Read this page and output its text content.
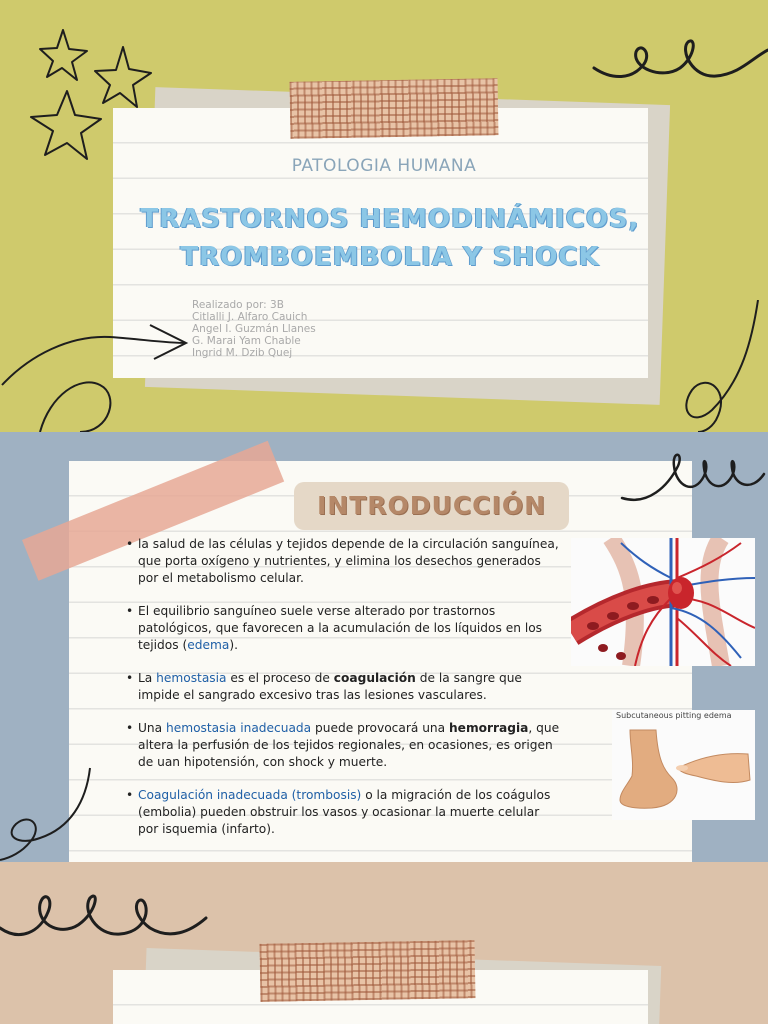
PATOLOGIA HUMANA
TRASTORNOS HEMODINÁMICOS,
TROMBOEMBOLIA Y SHOCK
Realizado por: 3B
Citlalli J. Alfaro Cauich
Angel I. Guzmán Llanes
G. Marai Yam Chable
Ingrid M. Dzib Quej
INTRODUCCIÓN
• la salud de las células y tejidos depende de la circulación sanguínea, que porta oxígeno y nutrientes, y elimina los desechos generados por el metabolismo celular.
• El equilibrio sanguíneo suele verse alterado por trastornos patológicos, que favorecen a la acumulación de los líquidos en los tejidos (edema).
• La hemostasia es el proceso de coagulación de la sangre que impide el sangrado excesivo tras las lesiones vasculares.
• Una hemostasia inadecuada puede provocará una hemorragia, que altera la perfusión de los tejidos regionales, en ocasiones, es origen de uan hipotensión, con shock y muerte.
• Coagulación inadecuada (trombosis) o la migración de los coágulos (embolia) pueden obstruir los vasos y ocasionar la muerte celular por isquemia (infarto).
Subcutaneous pitting edema
